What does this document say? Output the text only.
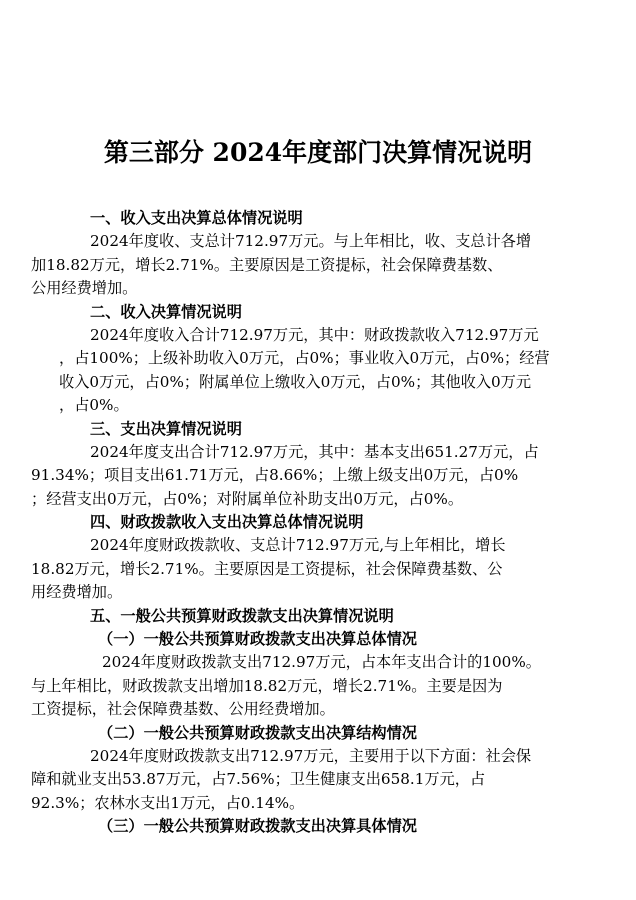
第三部分 2024年度部门决算情况说明
一、收入支出决算总体情况说明
2024年度收、支总计712.97万元。与上年相比，收、支总计各增
加18.82万元，增长2.71%。主要原因是工资提标，社会保障费基数、
公用经费增加。
二、收入决算情况说明
2024年度收入合计712.97万元，其中：财政拨款收入712.97万元
，占100%；上级补助收入0万元，占0%；事业收入0万元，占0%；经营
收入0万元，占0%；附属单位上缴收入0万元，占0%；其他收入0万元
，占0%。
三、支出决算情况说明
2024年度支出合计712.97万元，其中：基本支出651.27万元，占
91.34%；项目支出61.71万元，占8.66%；上缴上级支出0万元，占0%
；经营支出0万元，占0%；对附属单位补助支出0万元，占0%。
四、财政拨款收入支出决算总体情况说明
2024年度财政拨款收、支总计712.97万元,与上年相比，增长
18.82万元，增长2.71%。主要原因是工资提标，社会保障费基数、公
用经费增加。
五、一般公共预算财政拨款支出决算情况说明
（一）一般公共预算财政拨款支出决算总体情况
2024年度财政拨款支出712.97万元，占本年支出合计的100%。
与上年相比，财政拨款支出增加18.82万元，增长2.71%。主要是因为
工资提标，社会保障费基数、公用经费增加。
（二）一般公共预算财政拨款支出决算结构情况
2024年度财政拨款支出712.97万元，主要用于以下方面：社会保
障和就业支出53.87万元，占7.56%；卫生健康支出658.1万元，占
92.3%；农林水支出1万元，占0.14%。
（三）一般公共预算财政拨款支出决算具体情况
